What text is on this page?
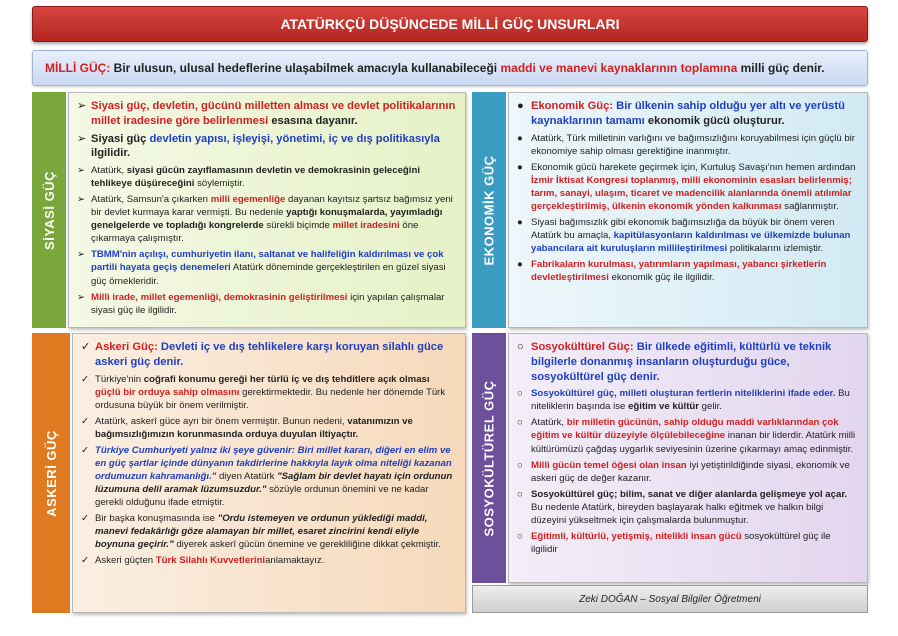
ATATÜRKÇÜ DÜŞÜNCEDE MİLLİ GÜÇ UNSURLARI
MİLLİ GÜÇ: Bir ulusun, ulusal hedeflerine ulaşabilmek amacıyla kullanabileceği maddi ve manevi kaynaklarının toplamına milli güç denir.
SİYASİ GÜÇ
➢ Siyasi güç, devletin, gücünü milletten alması ve devlet politikalarının millet iradesine göre belirlenmesi esasına dayanır.
➢ Siyasi güç devletin yapısı, işleyişi, yönetimi, iç ve dış politikasıyla ilgilidir.
➢ Atatürk, siyasi gücün zayıflamasının devletin ve demokrasinin geleceğini tehlikeye düşüreceğini söylemiştir.
➢ Atatürk, Samsun'a çıkarken milli egemenliğe dayanan kayıtsız şartsız bağımsız yeni bir devlet kurmaya karar vermişti. Bu nedenle yaptığı konuşmalarda, yayımladığı genelgelerde ve topladığı kongrelerde sürekli biçimde millet iradesini öne çıkarmaya çalışmıştır.
➢ TBMM'nin açılışı, cumhuriyetin ilanı, saltanat ve halifeliğin kaldırılması ve çok partili hayata geçiş denemeleri Atatürk döneminde gerçekleştirilen en güzel siyasi güç örnekleridir.
➢ Milli irade, millet egemenliği, demokrasinin geliştirilmesi için yapılan çalışmalar siyasi güç ile ilgilidir.
EKONOMİK GÜÇ
● Ekonomik Güç: Bir ülkenin sahip olduğu yer altı ve yerüstü kaynaklarının tamamı ekonomik gücü oluşturur.
● Atatürk, Türk milletinin varlığını ve bağımsızlığını koruyabilmesi için güçlü bir ekonomiye sahip olması gerektiğine inanmıştır.
● Ekonomik gücü harekete geçirmek için, Kurtuluş Savaşı'nın hemen ardından İzmir İktisat Kongresi toplanmış, milli ekonominin esasları belirlenmiş; tarım, sanayi, ulaşım, ticaret ve madencilik alanlarında önemli atılımlar gerçekleştirilmiş, ülkenin ekonomik yönden kalkınması sağlanmıştır.
● Siyasi bağımsızlık gibi ekonomik bağımsızlığa da büyük bir önem veren Atatürk bu amaçla, kapitülasyonların kaldırılması ve ülkemizde bulunan yabancılara ait kuruluşların millileştirilmesi politikalarını izlemiştir.
● Fabrikaların kurulması, yatırımların yapılması, yabancı şirketlerin devletleştirilmesi ekonomik güç ile ilgilidir.
ASKERİ GÜÇ
✓ Askeri Güç: Devleti iç ve dış tehlikelere karşı koruyan silahlı güce askeri güç denir.
✓ Türkiye'nin coğrafi konumu gereği her türlü iç ve dış tehditlere açık olması güçlü bir orduya sahip olmasını gerektirmektedir. Bu nedenle her dönemde Türk ordusuna büyük bir önem verilmiştir.
✓ Atatürk, askerî güce ayrı bir önem vermiştir. Bunun nedeni, vatanımızın ve bağımsızlığımızın korunmasında orduya duyulan iltiyaçtır.
✓ Türkiye Cumhuriyeti yalnız iki şeye güvenir: Biri millet kararı, diğeri en elim ve en güç şartlar içinde dünyanın takdirlerine hakkıyla layık olma niteliği kazanan ordumuzun kahramanlığı." diyen Atatürk "Sağlam bir devlet hayatı için ordunun lüzumuna delil aramak lüzumsuzdur." sözüyle ordunun önemini ve ne kadar gerekli olduğunu ifade etmiştir.
✓ Bir başka konuşmasında ise "Ordu istemeyen ve ordunun yüklediği maddi, manevi fedakârlığı göze alamayan bir millet, esaret zincirini kendi eliyle boynuna geçirir." diyerek askerî gücün önemine ve gerekliliğine dikkat çekmiştir.
✓ Askeri güçten Türk Silahlı Kuvvetlerinianlamaktayız.
SOSYOKÜLTÜREL GÜÇ
○ Sosyokültürel Güç: Bir ülkede eğitimli, kültürlü ve teknik bilgilerle donanmış insanların oluşturduğu güce, sosyokültürel güç denir.
○ Sosyokültürel güç, milleti oluşturan fertlerin niteliklerini ifade eder. Bu niteliklerin başında ise eğitim ve kültür gelir.
○ Atatürk, bir milletin gücünün, sahip olduğu maddi varlıklarından çok eğitim ve kültür düzeyiyle ölçülebileceğine inanan bir liderdir. Atatürk milli kültürümüzü çağdaş uygarlık seviyesinin üzerine çıkarmayı amaç edinmiştir.
○ Milli gücün temel öğesi olan insan iyi yetiştirildiğinde siyasi, ekonomik ve askeri güç de değer kazanır.
○ Sosyokültürel güç; bilim, sanat ve diğer alanlarda gelişmeye yol açar. Bu nedenle Atatürk, bireyden başlayarak halkı eğitmek ve halkın bilgi düzeyini yükseltmek için çalışmalarda bulunmuştur.
○ Eğitimli, kültürlü, yetişmiş, nitelikli insan gücü sosyokültürel güç ile ilgilidir
Zeki DOĞAN – Sosyal Bilgiler Öğretmeni
